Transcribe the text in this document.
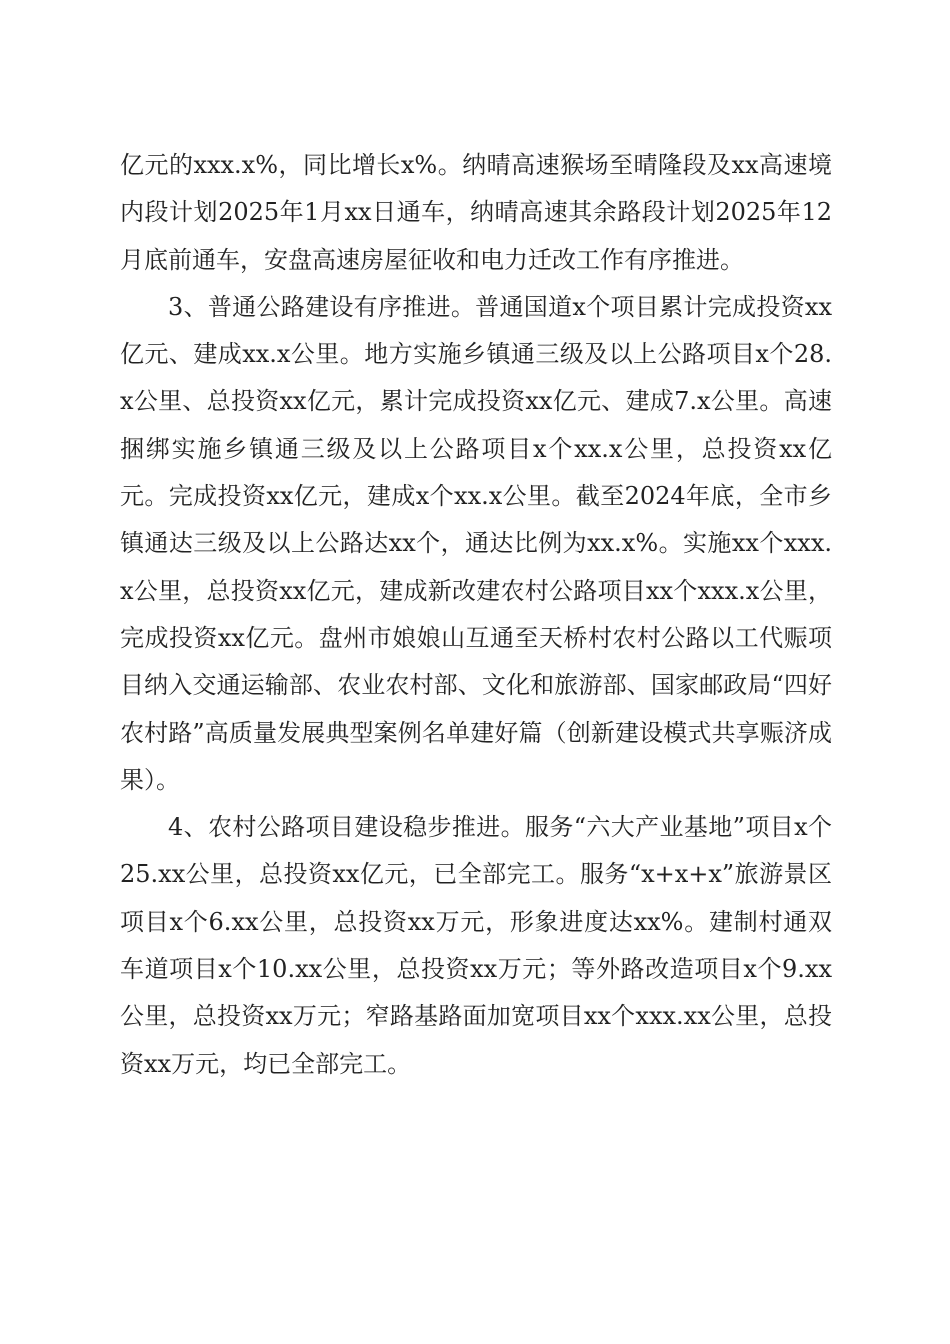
亿元的xxx.x%，同比增长x%。纳晴高速猴场至晴隆段及xx高速境内段计划2025年1月xx日通车，纳晴高速其余路段计划2025年12月底前通车，安盘高速房屋征收和电力迁改工作有序推进。

3、普通公路建设有序推进。普通国道x个项目累计完成投资xx亿元、建成xx.x公里。地方实施乡镇通三级及以上公路项目x个28.x公里、总投资xx亿元，累计完成投资xx亿元、建成7.x公里。高速捆绑实施乡镇通三级及以上公路项目x个xx.x公里，总投资xx亿元。完成投资xx亿元，建成x个xx.x公里。截至2024年底，全市乡镇通达三级及以上公路达xx个，通达比例为xx.x%。实施xx个xxx.x公里，总投资xx亿元，建成新改建农村公路项目xx个xxx.x公里，完成投资xx亿元。盘州市娘娘山互通至天桥村农村公路以工代赈项目纳入交通运输部、农业农村部、文化和旅游部、国家邮政局“四好农村路”高质量发展典型案例名单建好篇（创新建设模式共享赈济成果）。

4、农村公路项目建设稳步推进。服务“六大产业基地”项目x个25.xx公里，总投资xx亿元，已全部完工。服务“x+x+x”旅游景区项目x个6.xx公里，总投资xx万元，形象进度达xx%。建制村通双车道项目x个10.xx公里，总投资xx万元；等外路改造项目x个9.xx公里，总投资xx万元；窄路基路面加宽项目xx个xxx.xx公里，总投资xx万元，均已全部完工。
